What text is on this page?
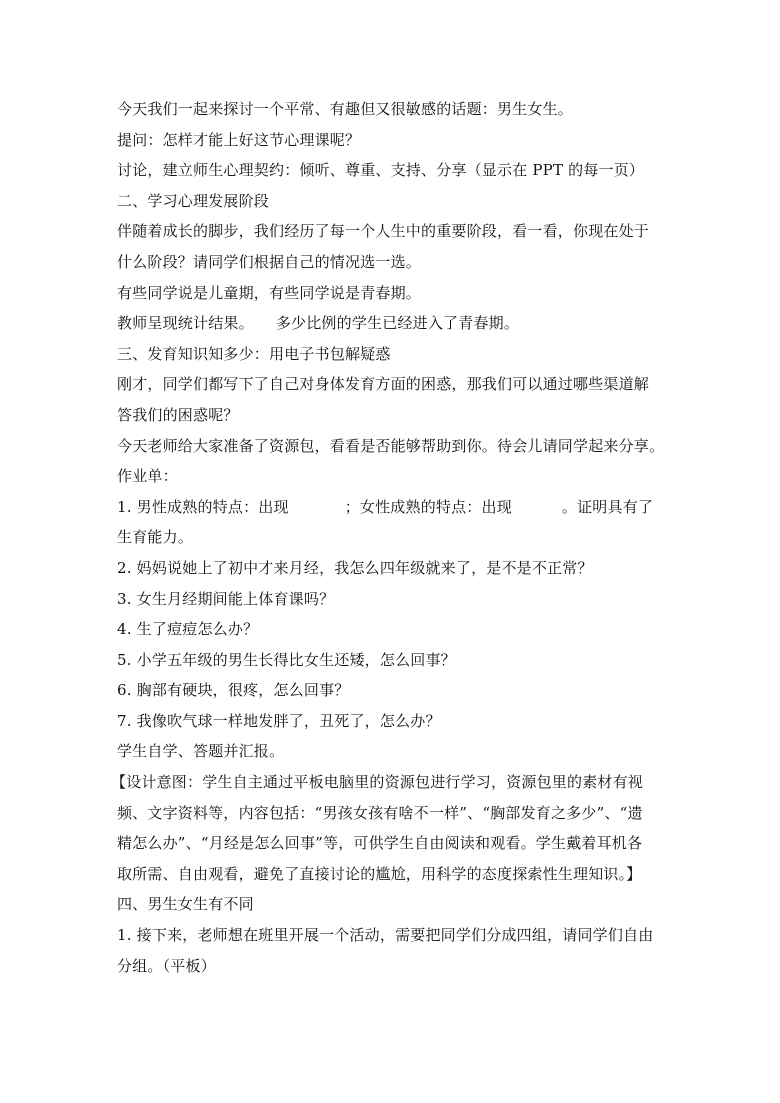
今天我们一起来探讨一个平常、有趣但又很敏感的话题：男生女生。
提问：怎样才能上好这节心理课呢？
讨论，建立师生心理契约：倾听、尊重、支持、分享（显示在 PPT 的每一页）
二、学习心理发展阶段
伴随着成长的脚步，我们经历了每一个人生中的重要阶段，看一看，你现在处于
什么阶段？请同学们根据自己的情况选一选。
有些同学说是儿童期，有些同学说是青春期。
教师呈现统计结果。 多少比例的学生已经进入了青春期。
三、发育知识知多少：用电子书包解疑惑
刚才，同学们都写下了自己对身体发育方面的困惑，那我们可以通过哪些渠道解
答我们的困惑呢？
今天老师给大家准备了资源包，看看是否能够帮助到你。待会儿请同学起来分享。
作业单：
1. 男性成熟的特点：出现	；女性成熟的特点：出现	。证明具有了
生育能力。
2. 妈妈说她上了初中才来月经，我怎么四年级就来了，是不是不正常？
3. 女生月经期间能上体育课吗？
4. 生了痘痘怎么办？
5. 小学五年级的男生长得比女生还矮，怎么回事？
6. 胸部有硬块，很疼，怎么回事？
7. 我像吹气球一样地发胖了，丑死了，怎么办？
学生自学、答题并汇报。
【设计意图：学生自主通过平板电脑里的资源包进行学习，资源包里的素材有视
频、文字资料等，内容包括：“男孩女孩有啥不一样”、“胸部发育之多少”、“遗
精怎么办”、“月经是怎么回事”等，可供学生自由阅读和观看。学生戴着耳机各
取所需、自由观看，避免了直接讨论的尴尬，用科学的态度探索性生理知识。】
四、男生女生有不同
1. 接下来，老师想在班里开展一个活动，需要把同学们分成四组，请同学们自由
分组。（平板）
